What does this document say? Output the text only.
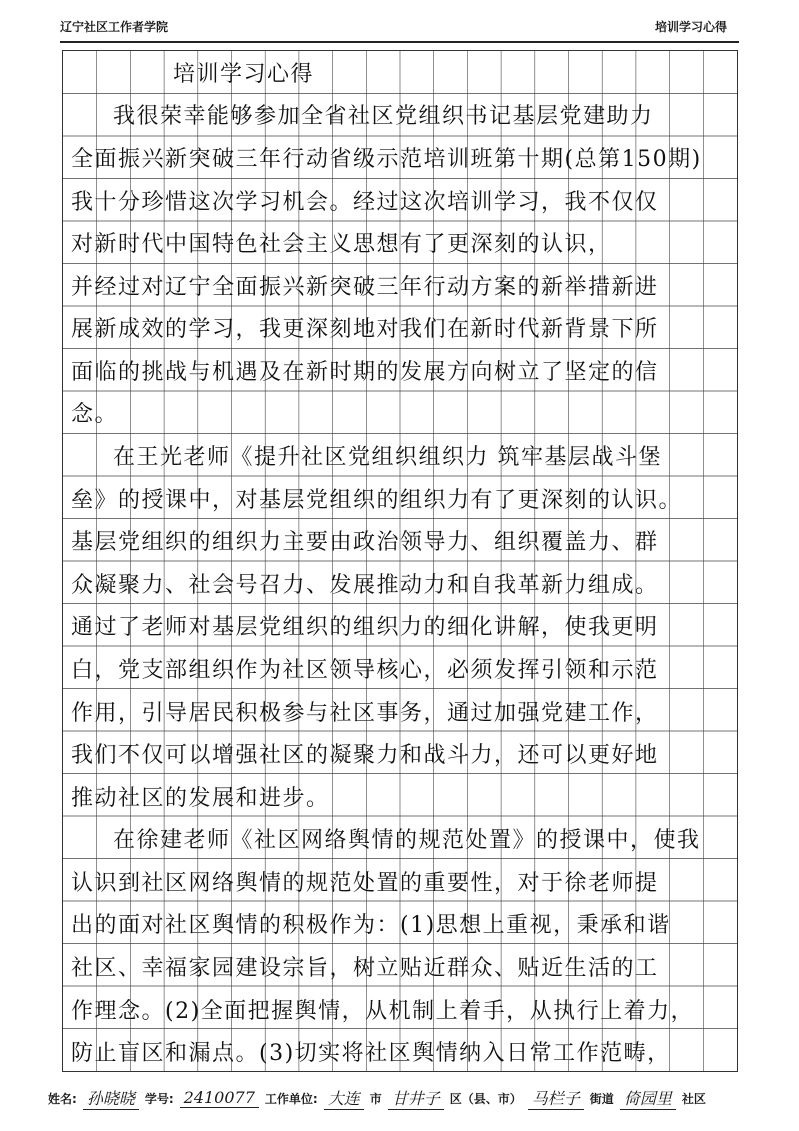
辽宁社区工作者学院	培训学习心得
培训学习心得
我很荣幸能够参加全省社区党组织书记基层党建助力
全面振兴新突破三年行动省级示范培训班第十期(总第150期)
我十分珍惜这次学习机会。经过这次培训学习，我不仅仅
对新时代中国特色社会主义思想有了更深刻的认识，
并经过对辽宁全面振兴新突破三年行动方案的新举措新进
展新成效的学习，我更深刻地对我们在新时代新背景下所
面临的挑战与机遇及在新时期的发展方向树立了坚定的信
念。
在王光老师《提升社区党组织组织力 筑牢基层战斗堡
垒》的授课中，对基层党组织的组织力有了更深刻的认识。
基层党组织的组织力主要由政治领导力、组织覆盖力、群
众凝聚力、社会号召力、发展推动力和自我革新力组成。
通过了老师对基层党组织的组织力的细化讲解，使我更明
白，党支部组织作为社区领导核心，必须发挥引领和示范
作用，引导居民积极参与社区事务，通过加强党建工作，
我们不仅可以增强社区的凝聚力和战斗力，还可以更好地
推动社区的发展和进步。
在徐建老师《社区网络舆情的规范处置》的授课中，使我
认识到社区网络舆情的规范处置的重要性，对于徐老师提
出的面对社区舆情的积极作为：(1)思想上重视，秉承和谐
社区、幸福家园建设宗旨，树立贴近群众、贴近生活的工
作理念。(2)全面把握舆情，从机制上着手，从执行上着力，
防止盲区和漏点。(3)切实将社区舆情纳入日常工作范畴，
姓名: 孙晓晓 学号: 2410077 工作单位: 大连 市 甘井子 区（县、市） 马栏子 街道 倚园里 社区
